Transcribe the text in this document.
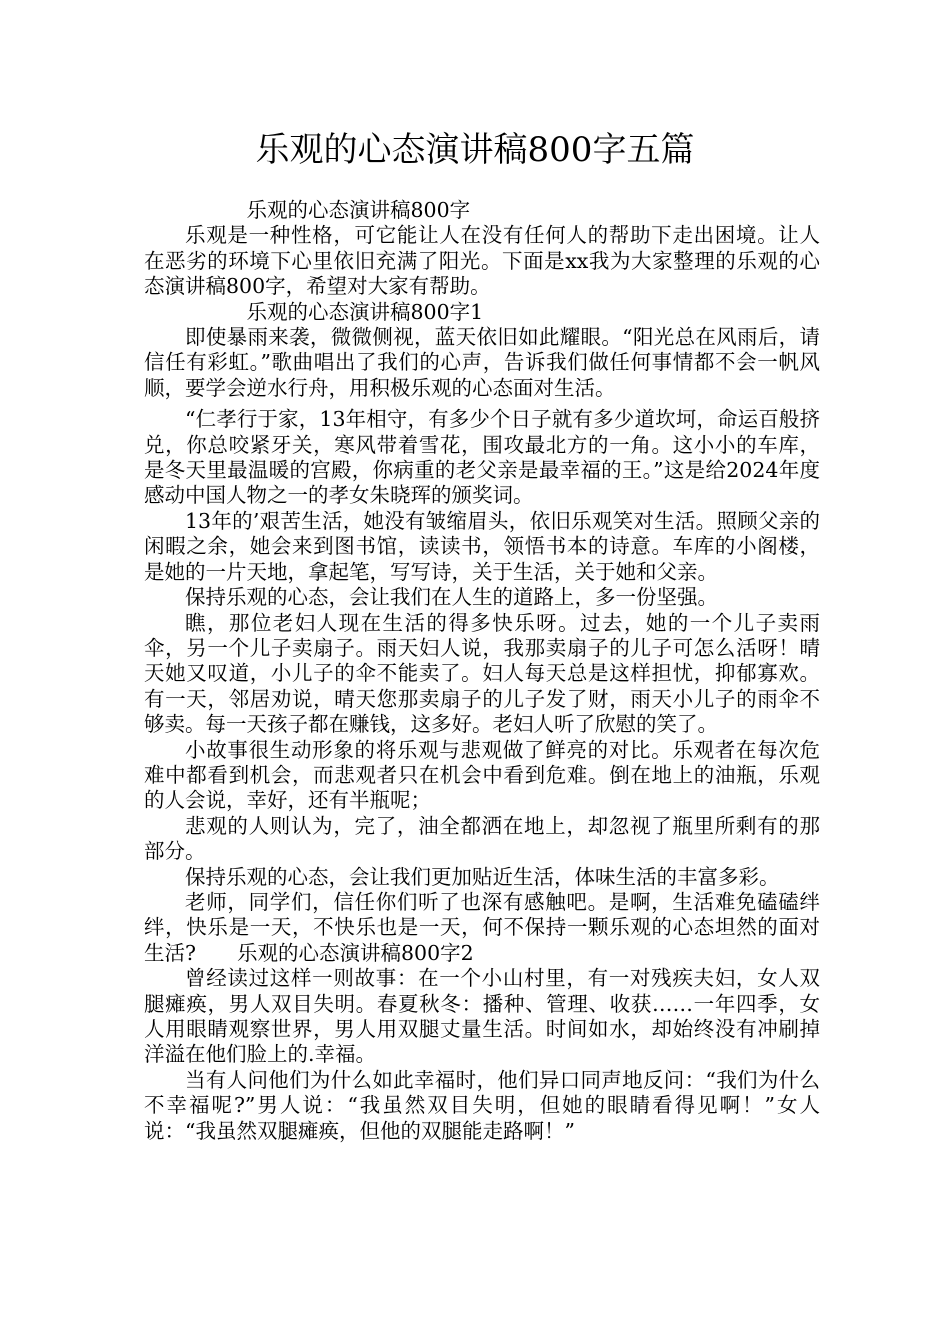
乐观的心态演讲稿800字五篇

乐观的心态演讲稿800字

乐观是一种性格，可它能让人在没有任何人的帮助下走出困境。让人在恶劣的环境下心里依旧充满了阳光。下面是xx我为大家整理的乐观的心态演讲稿800字，希望对大家有帮助。

乐观的心态演讲稿800字1

即使暴雨来袭，微微侧视，蓝天依旧如此耀眼。“阳光总在风雨后，请信任有彩虹。”歌曲唱出了我们的心声，告诉我们做任何事情都不会一帆风顺，要学会逆水行舟，用积极乐观的心态面对生活。

“仁孝行于家，13年相守，有多少个日子就有多少道坎坷，命运百般挤兑，你总咬紧牙关，寒风带着雪花，围攻最北方的一角。这小小的车库，是冬天里最温暖的宫殿，你病重的老父亲是最幸福的王。”这是给2024年度感动中国人物之一的孝女朱晓珲的颁奖词。

13年的’艰苦生活，她没有皱缩眉头，依旧乐观笑对生活。照顾父亲的闲暇之余，她会来到图书馆，读读书，领悟书本的诗意。车库的小阁楼，是她的一片天地，拿起笔，写写诗，关于生活，关于她和父亲。

保持乐观的心态，会让我们在人生的道路上，多一份坚强。

瞧，那位老妇人现在生活的得多快乐呀。过去，她的一个儿子卖雨伞，另一个儿子卖扇子。雨天妇人说，我那卖扇子的儿子可怎么活呀！晴天她又叹道，小儿子的伞不能卖了。妇人每天总是这样担忧，抑郁寡欢。有一天，邻居劝说，晴天您那卖扇子的儿子发了财，雨天小儿子的雨伞不够卖。每一天孩子都在赚钱，这多好。老妇人听了欣慰的笑了。

小故事很生动形象的将乐观与悲观做了鲜亮的对比。乐观者在每次危难中都看到机会，而悲观者只在机会中看到危难。倒在地上的油瓶，乐观的人会说，幸好，还有半瓶呢；

悲观的人则认为，完了，油全都洒在地上，却忽视了瓶里所剩有的那部分。

保持乐观的心态，会让我们更加贴近生活，体味生活的丰富多彩。

老师，同学们，信任你们听了也深有感触吧。是啊，生活难免磕磕绊绊，快乐是一天，不快乐也是一天，何不保持一颗乐观的心态坦然的面对生活?　　乐观的心态演讲稿800字2

曾经读过这样一则故事：在一个小山村里，有一对残疾夫妇，女人双腿瘫痪，男人双目失明。春夏秋冬：播种、管理、收获……一年四季，女人用眼睛观察世界，男人用双腿丈量生活。时间如水，却始终没有冲刷掉洋溢在他们脸上的.幸福。

当有人问他们为什么如此幸福时，他们异口同声地反问：“我们为什么不幸福呢?”男人说：“我虽然双目失明，但她的眼睛看得见啊！”女人说：“我虽然双腿瘫痪，但他的双腿能走路啊！”
